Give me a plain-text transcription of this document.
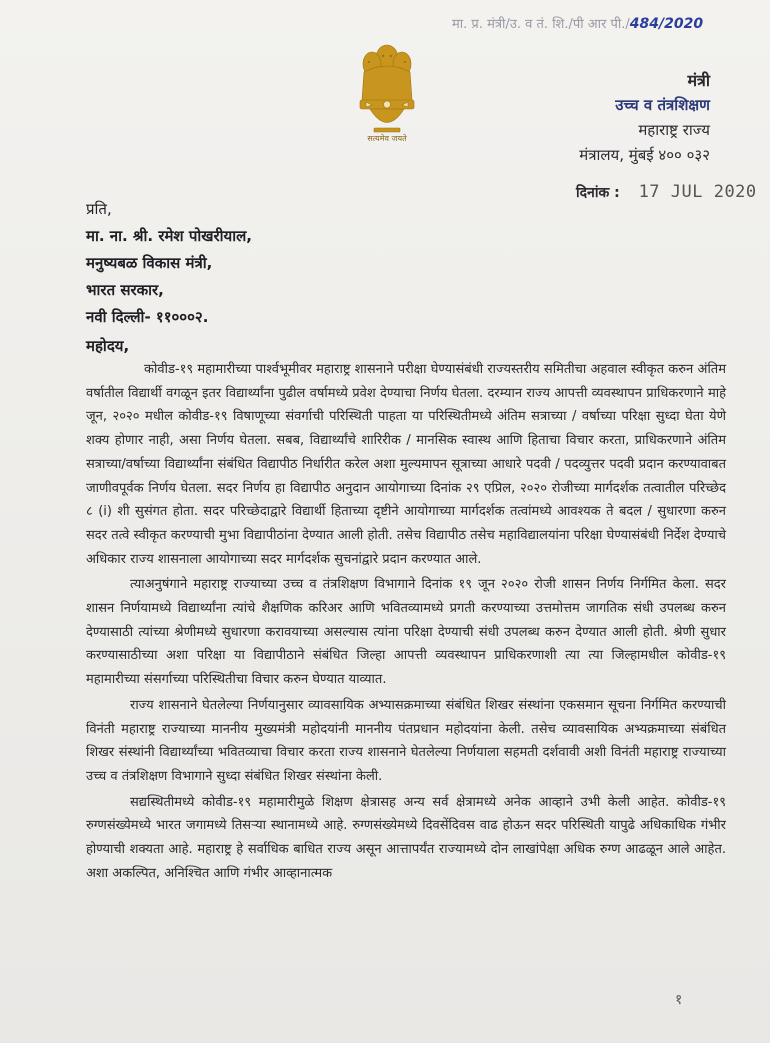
मा. प्र. मंत्री/उ. व तं. शि./पी आर पी./484/2020
सत्यमेव जयते
मंत्री
उच्च व तंत्रशिक्षण
महाराष्ट्र राज्य
मंत्रालय, मुंबई ४०० ०३२
दिनांक : 17 JUL 2020
प्रति,
मा. ना. श्री. रमेश पोखरीयाल,
मनुष्यबळ विकास मंत्री,
भारत सरकार,
नवी दिल्ली- ११०००२.
महोदय,

कोवीड-१९ महामारीच्या पार्श्वभूमीवर महाराष्ट्र शासनाने परीक्षा घेण्यासंबंधी राज्यस्तरीय समितीचा अहवाल स्वीकृत करुन अंतिम वर्षातील विद्यार्थी वगळून इतर विद्यार्थ्यांना पुढील वर्षामध्ये प्रवेश देण्याचा निर्णय घेतला. दरम्यान राज्य आपत्ती व्यवस्थापन प्राधिकरणाने माहे जून, २०२० मधील कोवीड-१९ विषाणूच्या संवर्गाची परिस्थिती पाहता या परिस्थितीमध्ये अंतिम सत्राच्या / वर्षाच्या परिक्षा सुध्दा घेता येणे शक्य होणार नाही, असा निर्णय घेतला. सबब, विद्यार्थ्यांचे शारिरीक / मानसिक स्वास्थ आणि हिताचा विचार करता, प्राधिकरणाने अंतिम सत्राच्या/वर्षाच्या विद्यार्थ्यांना संबंधित विद्यापीठ निर्धारीत करेल अशा मुल्यमापन सूत्राच्या आधारे पदवी / पदव्युत्तर पदवी प्रदान करण्यावाबत जाणीवपूर्वक निर्णय घेतला. सदर निर्णय हा विद्यापीठ अनुदान आयोगाच्या दिनांक २९ एप्रिल, २०२० रोजीच्या मार्गदर्शक तत्वातील परिच्छेद ८ (i) शी सुसंगत होता. सदर परिच्छेदाद्वारे विद्यार्थी हिताच्या दृष्टीने आयोगाच्या मार्गदर्शक तत्वांमध्ये आवश्यक ते बदल / सुधारणा करुन सदर तत्वे स्वीकृत करण्याची मुभा विद्यापीठांना देण्यात आली होती. तसेच विद्यापीठ तसेच महाविद्यालयांना परिक्षा घेण्यासंबंधी निर्देश देण्याचे अधिकार राज्य शासनाला आयोगाच्या सदर मार्गदर्शक सुचनांद्वारे प्रदान करण्यात आले.

त्याअनुषंगाने महाराष्ट्र राज्याच्या उच्च व तंत्रशिक्षण विभागाने दिनांक १९ जून २०२० रोजी शासन निर्णय निर्गमित केला. सदर शासन निर्णयामध्ये विद्यार्थ्यांना त्यांचे शैक्षणिक करिअर आणि भवितव्यामध्ये प्रगती करण्याच्या उत्तमोत्तम जागतिक संधी उपलब्ध करुन देण्यासाठी त्यांच्या श्रेणीमध्ये सुधारणा करावयाच्या असल्यास त्यांना परिक्षा देण्याची संधी उपलब्ध करुन देण्यात आली होती. श्रेणी सुधार करण्यासाठीच्या अशा परिक्षा या विद्यापीठाने संबंधित जिल्हा आपत्ती व्यवस्थापन प्राधिकरणाशी त्या त्या जिल्हामधील कोवीड-१९ महामारीच्या संसर्गाच्या परिस्थितीचा विचार करुन घेण्यात याव्यात.

राज्य शासनाने घेतलेल्या निर्णयानुसार व्यावसायिक अभ्यासक्रमाच्या संबंधित शिखर संस्थांना एकसमान सूचना निर्गमित करण्याची विनंती महाराष्ट्र राज्याच्या माननीय मुख्यमंत्री महोदयांनी माननीय पंतप्रधान महोदयांना केली. तसेच व्यावसायिक अभ्यक्रमाच्या संबंधित शिखर संस्थांनी विद्यार्थ्यांच्या भवितव्याचा विचार करता राज्य शासनाने घेतलेल्या निर्णयाला सहमती दर्शवावी अशी विनंती महाराष्ट्र राज्याच्या उच्च व तंत्रशिक्षण विभागाने सुध्दा संबंधित शिखर संस्थांना केली.

सद्यस्थितीमध्ये कोवीड-१९ महामारीमुळे शिक्षण क्षेत्रासह अन्य सर्व क्षेत्रामध्ये अनेक आव्हाने उभी केली आहेत. कोवीड-१९ रुग्णसंख्येमध्ये भारत जगामध्ये तिसऱ्या स्थानामध्ये आहे. रुग्णसंख्येमध्ये दिवसेंदिवस वाढ होऊन सदर परिस्थिती यापुढे अधिकाधिक गंभीर होण्याची शक्यता आहे. महाराष्ट्र हे सर्वाधिक बाधित राज्य असून आत्तापर्यंत राज्यामध्ये दोन लाखांपेक्षा अधिक रुग्ण आढळून आले आहेत. अशा अकल्पित, अनिश्चित आणि गंभीर आव्हानात्मक

१
